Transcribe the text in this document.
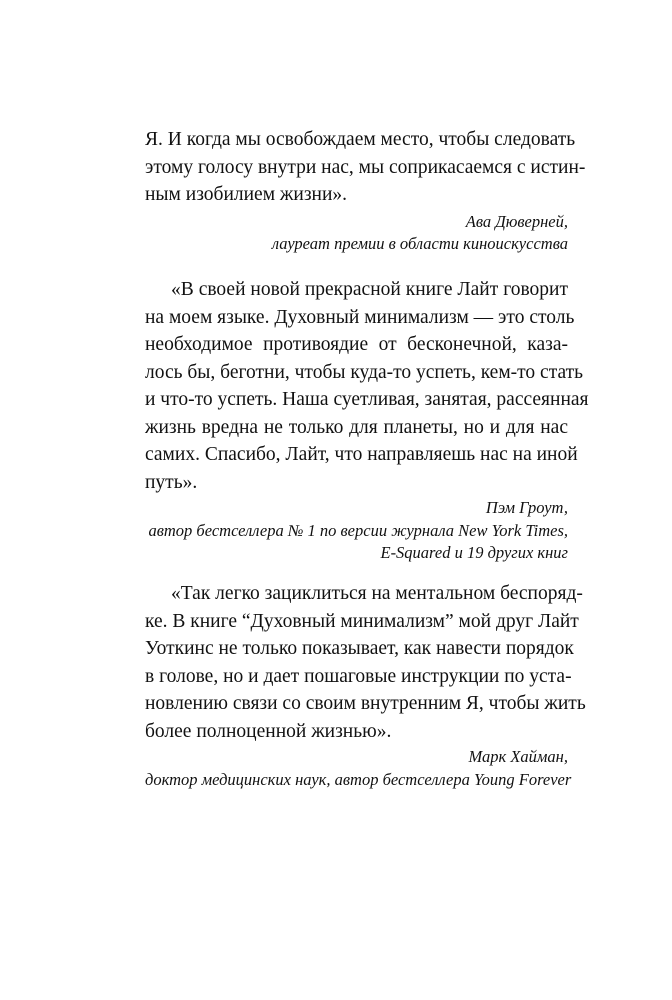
Я. И когда мы освобождаем место, чтобы следовать
этому голосу внутри нас, мы соприкасаемся с истин-
ным изобилием жизни».
Ава Дюверней,
лауреат премии в области киноискусства
«В своей новой прекрасной книге Лайт говорит
на моем языке. Духовный минимализм — это столь
необходимое противоядие от бесконечной, каза-
лось бы, беготни, чтобы куда-то успеть, кем-то стать
и что-то успеть. Наша суетливая, занятая, рассеянная
жизнь вредна не только для планеты, но и для нас
самих. Спасибо, Лайт, что направляешь нас на иной
путь».
Пэм Гроут,
автор бестселлера № 1 по версии журнала New York Times,
E-Squared и 19 других книг
«Так легко зациклиться на ментальном беспоряд-
ке. В книге “Духовный минимализм” мой друг Лайт
Уоткинс не только показывает, как навести порядок
в голове, но и дает пошаговые инструкции по уста-
новлению связи со своим внутренним Я, чтобы жить
более полноценной жизнью».
Марк Хайман,
доктор медицинских наук, автор бестселлера Young Forever
